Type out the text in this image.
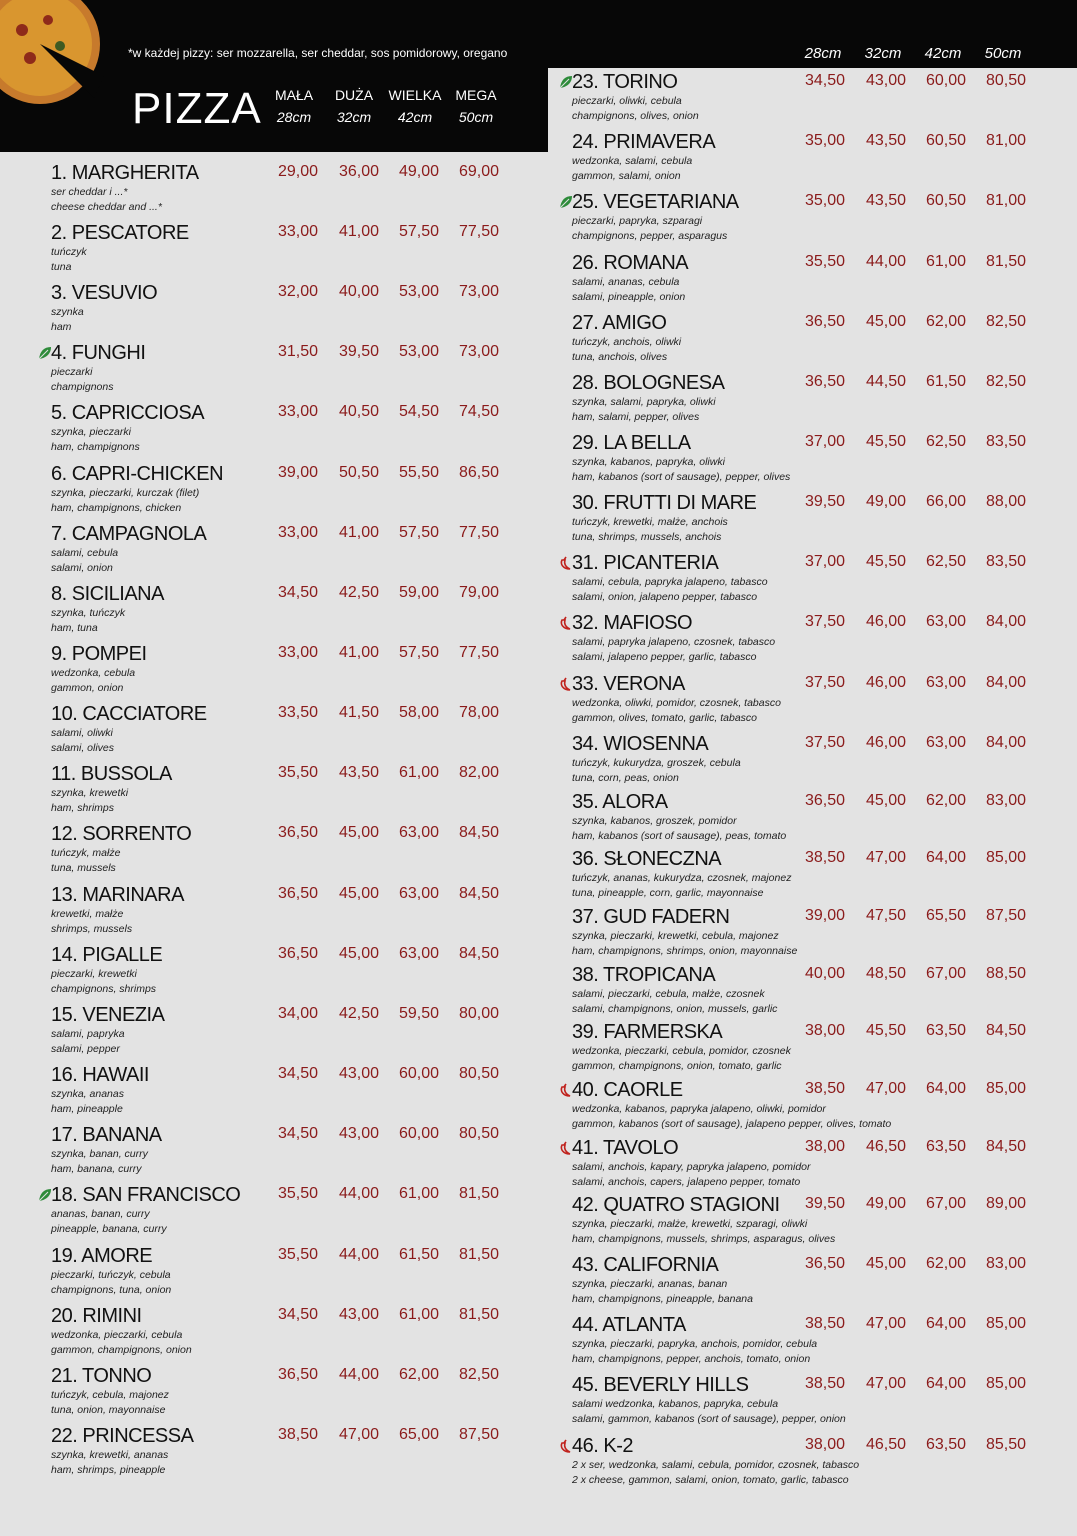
*w każdej pizzy: ser mozzarella, ser cheddar, sos pomidorowy, oregano
PIZZA MAŁA
28cm
DUŻA
32cm
WIELKA
42cm
MEGA
50cm
28cm	32cm	42cm	50cm
1. MARGHERITA
ser cheddar i ...*
cheese cheddar and ...*
29,00	36,00	49,00	69,00
2. PESCATORE
tuńczyk
tuna
33,00	41,00	57,50	77,50
3. VESUVIO
szynka
ham
32,00	40,00	53,00	73,00
4. FUNGHI
pieczarki
champignons
31,50	39,50	53,00	73,00
5. CAPRICCIOSA
szynka, pieczarki
ham, champignons
33,00	40,50	54,50	74,50
6. CAPRI-CHICKEN
szynka, pieczarki, kurczak (filet)
ham, champignons, chicken
39,00	50,50	55,50	86,50
7. CAMPAGNOLA
salami, cebula
salami, onion
33,00	41,00	57,50	77,50
8. SICILIANA
szynka, tuńczyk
ham, tuna
34,50	42,50	59,00	79,00
9. POMPEI
wedzonka, cebula
gammon, onion
33,00	41,00	57,50	77,50
10. CACCIATORE
salami, oliwki
salami, olives
33,50	41,50	58,00	78,00
11. BUSSOLA
szynka, krewetki
ham, shrimps
35,50	43,50	61,00	82,00
12. SORRENTO
tuńczyk, małże
tuna, mussels
36,50	45,00	63,00	84,50
13. MARINARA
krewetki, małże
shrimps, mussels
36,50	45,00	63,00	84,50
14. PIGALLE
pieczarki, krewetki
champignons, shrimps
36,50	45,00	63,00	84,50
15. VENEZIA
salami, papryka
salami, pepper
34,00	42,50	59,50	80,00
16. HAWAII
szynka, ananas
ham, pineapple
34,50	43,00	60,00	80,50
17. BANANA
szynka, banan, curry
ham, banana, curry
34,50	43,00	60,00	80,50
18. SAN FRANCISCO
ananas, banan, curry
pineapple, banana, curry
35,50	44,00	61,00	81,50
19. AMORE
pieczarki, tuńczyk, cebula
champignons, tuna, onion
35,50	44,00	61,50	81,50
20. RIMINI
wedzonka, pieczarki, cebula
gammon, champignons, onion
34,50	43,00	61,00	81,50
21. TONNO
tuńczyk, cebula, majonez
tuna, onion, mayonnaise
36,50	44,00	62,00	82,50
22. PRINCESSA
szynka, krewetki, ananas
ham, shrimps, pineapple
38,50	47,00	65,00	87,50
23. TORINO
pieczarki, oliwki, cebula
champignons, olives, onion
34,50	43,00	60,00	80,50
24. PRIMAVERA
wedzonka, salami, cebula
gammon, salami, onion
35,00	43,50	60,50	81,00
25. VEGETARIANA
pieczarki, papryka, szparagi
champignons, pepper, asparagus
35,00	43,50	60,50	81,00
26. ROMANA
salami, ananas, cebula
salami, pineapple, onion
35,50	44,00	61,00	81,50
27. AMIGO
tuńczyk, anchois, oliwki
tuna, anchois, olives
36,50	45,00	62,00	82,50
28. BOLOGNESA
szynka, salami, papryka, oliwki
ham, salami, pepper, olives
36,50	44,50	61,50	82,50
29. LA BELLA
szynka, kabanos, papryka, oliwki
ham, kabanos (sort of sausage), pepper, olives
37,00	45,50	62,50	83,50
30. FRUTTI DI MARE
tuńczyk, krewetki, małże, anchois
tuna, shrimps, mussels, anchois
39,50	49,00	66,00	88,00
31. PICANTERIA
salami, cebula, papryka jalapeno, tabasco
salami, onion, jalapeno pepper, tabasco
37,00	45,50	62,50	83,50
32. MAFIOSO
salami, papryka jalapeno, czosnek, tabasco
salami, jalapeno pepper, garlic, tabasco
37,50	46,00	63,00	84,00
33. VERONA
wedzonka, oliwki, pomidor, czosnek, tabasco
gammon, olives, tomato, garlic, tabasco
37,50	46,00	63,00	84,00
34. WIOSENNA
tuńczyk, kukurydza, groszek, cebula
tuna, corn, peas, onion
37,50	46,00	63,00	84,00
35. ALORA
szynka, kabanos, groszek, pomidor
ham, kabanos (sort of sausage), peas, tomato
36,50	45,00	62,00	83,00
36. SŁONECZNA
tuńczyk, ananas, kukurydza, czosnek, majonez
tuna, pineapple, corn, garlic, mayonnaise
38,50	47,00	64,00	85,00
37. GUD FADERN
szynka, pieczarki, krewetki, cebula, majonez
ham, champignons, shrimps, onion, mayonnaise
39,00	47,50	65,50	87,50
38. TROPICANA
salami, pieczarki, cebula, małże, czosnek
salami, champignons, onion, mussels, garlic
40,00	48,50	67,00	88,50
39. FARMERSKA
wedzonka, pieczarki, cebula, pomidor, czosnek
gammon, champignons, onion, tomato, garlic
38,00	45,50	63,50	84,50
40. CAORLE
wedzonka, kabanos, papryka jalapeno, oliwki, pomidor
gammon, kabanos (sort of sausage), jalapeno pepper, olives, tomato
38,50	47,00	64,00	85,00
41. TAVOLO
salami, anchois, kapary, papryka jalapeno, pomidor
salami, anchois, capers, jalapeno pepper, tomato
38,00	46,50	63,50	84,50
42. QUATRO STAGIONI
szynka, pieczarki, małże, krewetki, szparagi, oliwki
ham, champignons, mussels, shrimps, asparagus, olives
39,50	49,00	67,00	89,00
43. CALIFORNIA
szynka, pieczarki, ananas, banan
ham, champignons, pineapple, banana
36,50	45,00	62,00	83,00
44. ATLANTA
szynka, pieczarki, papryka, anchois, pomidor, cebula
ham, champignons, pepper, anchois, tomato, onion
38,50	47,00	64,00	85,00
45. BEVERLY HILLS
salami wedzonka, kabanos, papryka, cebula
salami, gammon, kabanos (sort of sausage), pepper, onion
38,50	47,00	64,00	85,00
46. K-2
2 x ser, wedzonka, salami, cebula, pomidor, czosnek, tabasco
2 x cheese, gammon, salami, onion, tomato, garlic, tabasco
38,00	46,50	63,50	85,50
